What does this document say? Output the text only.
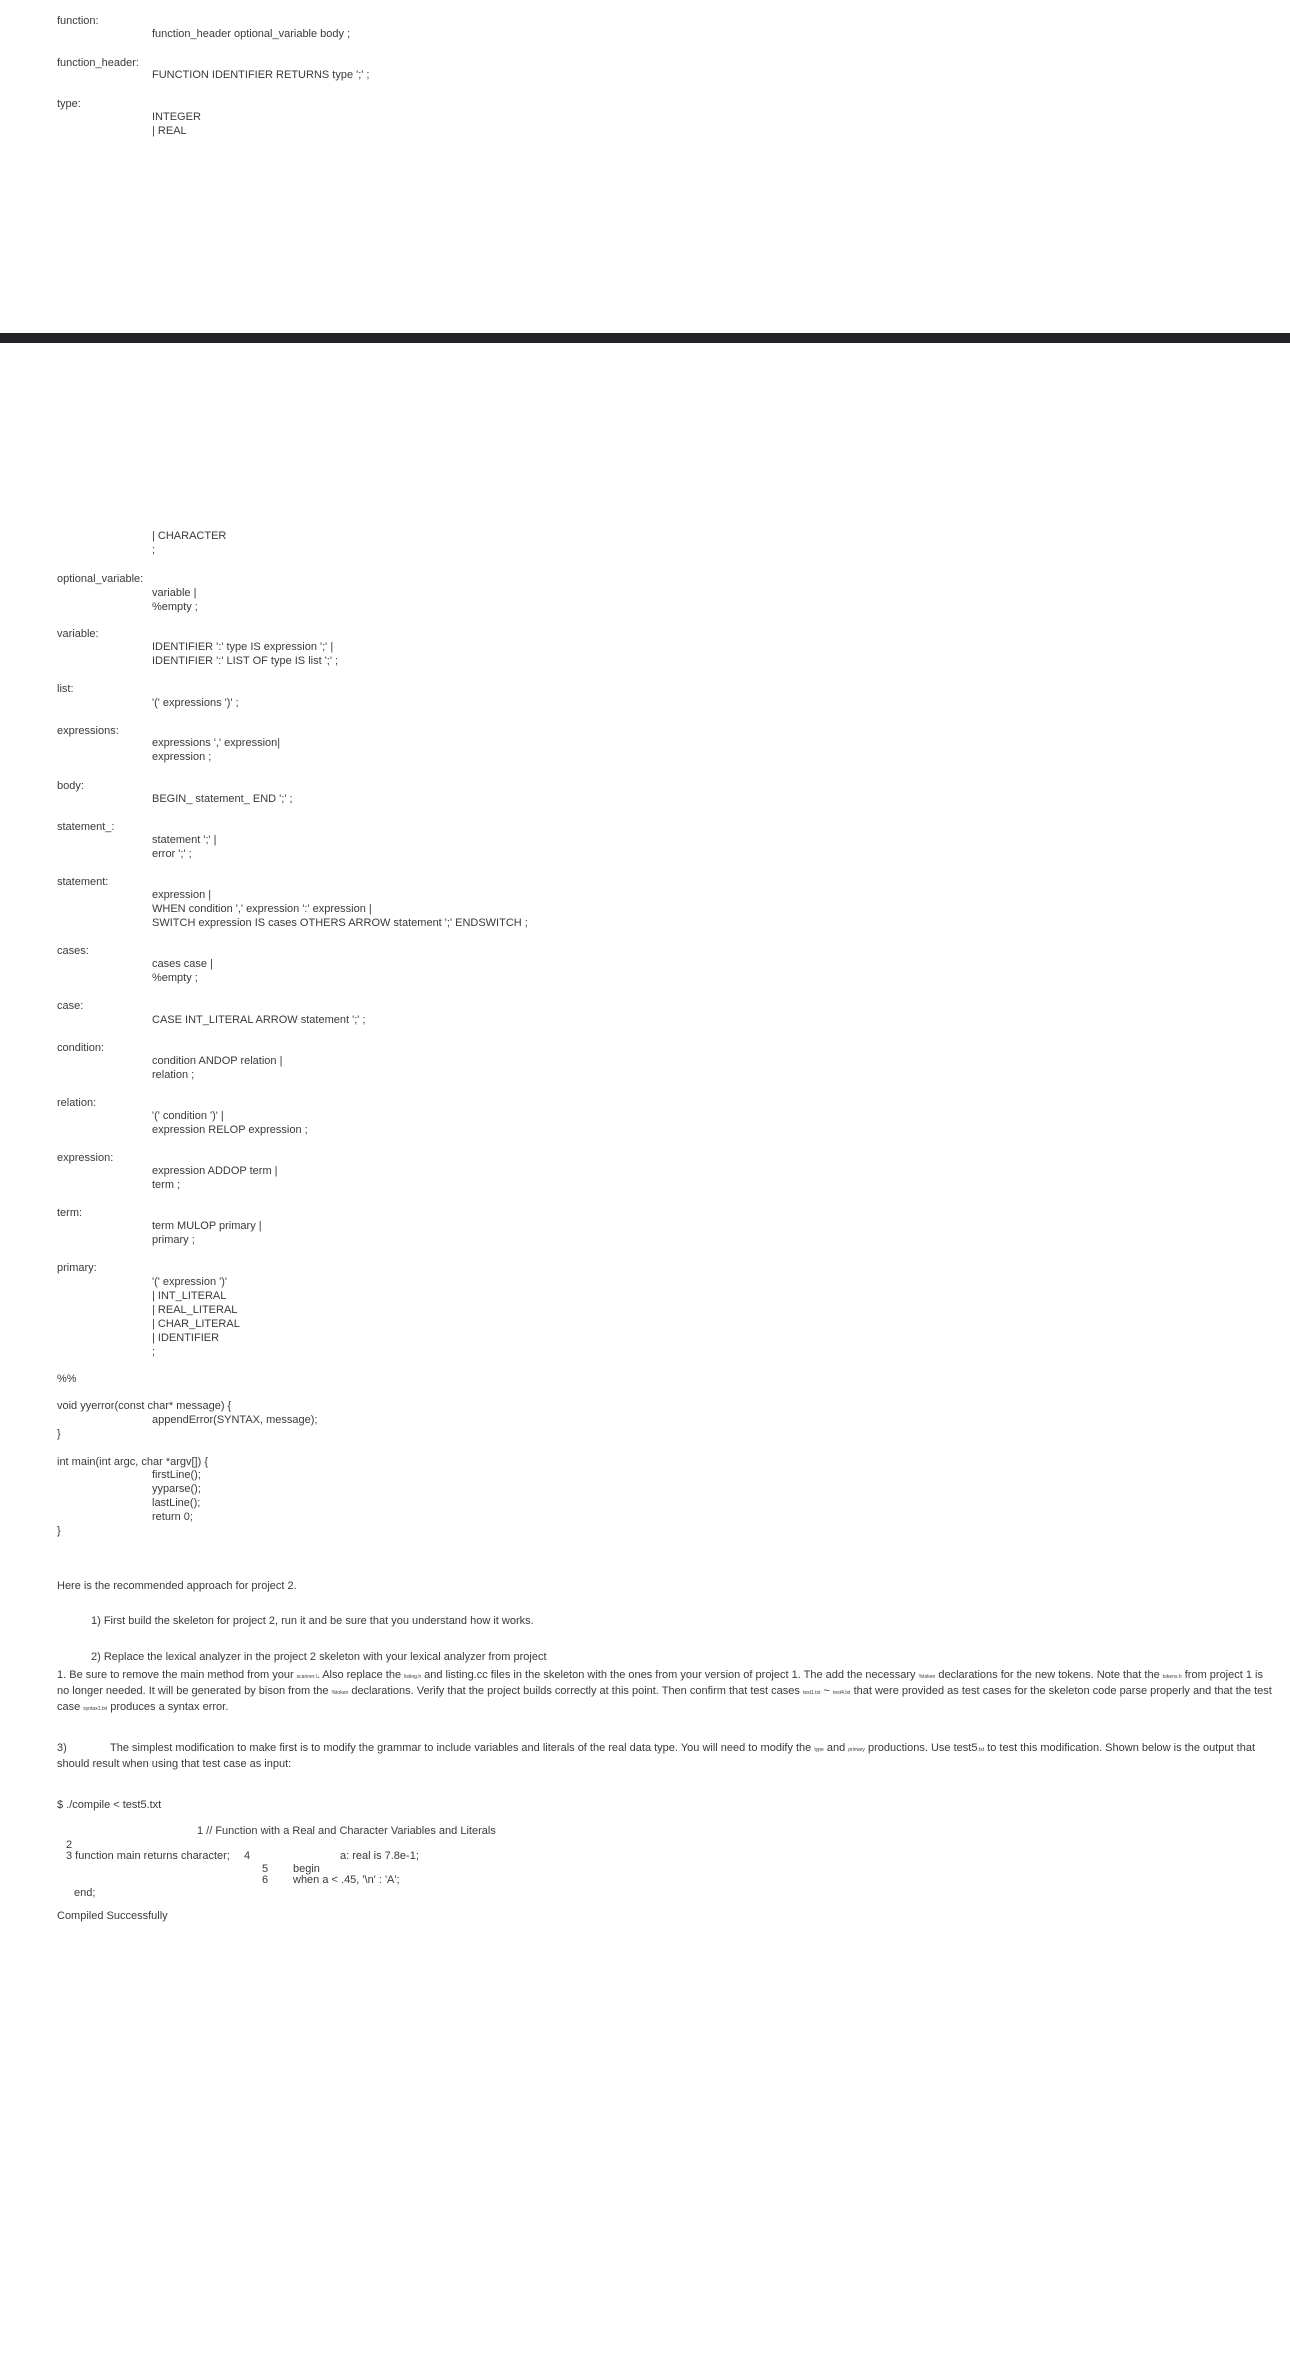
function:
function_header optional_variable body ;
function_header:
FUNCTION IDENTIFIER RETURNS type ';' ;
type:
INTEGER
| REAL
| CHARACTER
;
optional_variable:
variable |
%empty ;
variable:
IDENTIFIER ':' type IS expression ';' |
IDENTIFIER ':' LIST OF type IS list ';' ;
list:
'(' expressions ')' ;
expressions:
expressions ',' expression|
expression ;
body:
BEGIN_ statement_ END ';' ;
statement_:
statement ';' |
error ';' ;
statement:
expression |
WHEN condition ',' expression ':' expression |
SWITCH expression IS cases OTHERS ARROW statement ';' ENDSWITCH ;
cases:
cases case |
%empty ;
case:
CASE INT_LITERAL ARROW statement ';' ;
condition:
condition ANDOP relation |
relation ;
relation:
'(' condition ')' |
expression RELOP expression ;
expression:
expression ADDOP term |
term ;
term:
term MULOP primary |
primary ;
primary:
'(' expression ')'
| INT_LITERAL
| REAL_LITERAL
| CHAR_LITERAL
| IDENTIFIER
;
%%
void yyerror(const char* message) {
appendError(SYNTAX, message);
}
int main(int argc, char *argv[]) {
firstLine();
yyparse();
lastLine();
return 0;
}
Here is the recommended approach for project 2.
1) First build the skeleton for project 2, run it and be sure that you understand how it works.
2) Replace the lexical analyzer in the project 2 skeleton with your lexical analyzer from project
1. Be sure to remove the main method from your scanner.l. Also replace the listing.h and listing.cc files in the skeleton with the ones from your version of project 1. The add the necessary %token declarations for the new tokens. Note that the tokens.h from project 1 is no longer needed. It will be generated by bison from the %token declarations. Verify that the project builds correctly at this point. Then confirm that test cases test1.txt ~ test4.txt that were provided as test cases for the skeleton code parse properly and that the test case syntax1.txt produces a syntax error.
3)	The simplest modification to make first is to modify the grammar to include variables and literals of the real data type. You will need to modify the type and primary productions. Use test5.txt to test this modification. Shown below is the output that should result when using that test case as input:
$ ./compile < test5.txt
1 // Function with a Real and Character Variables and Literals
2
3 function main returns character; 4	a: real is 7.8e-1;
5 begin
6 when a < .45, '\n' : 'A';
end;
Compiled Successfully
